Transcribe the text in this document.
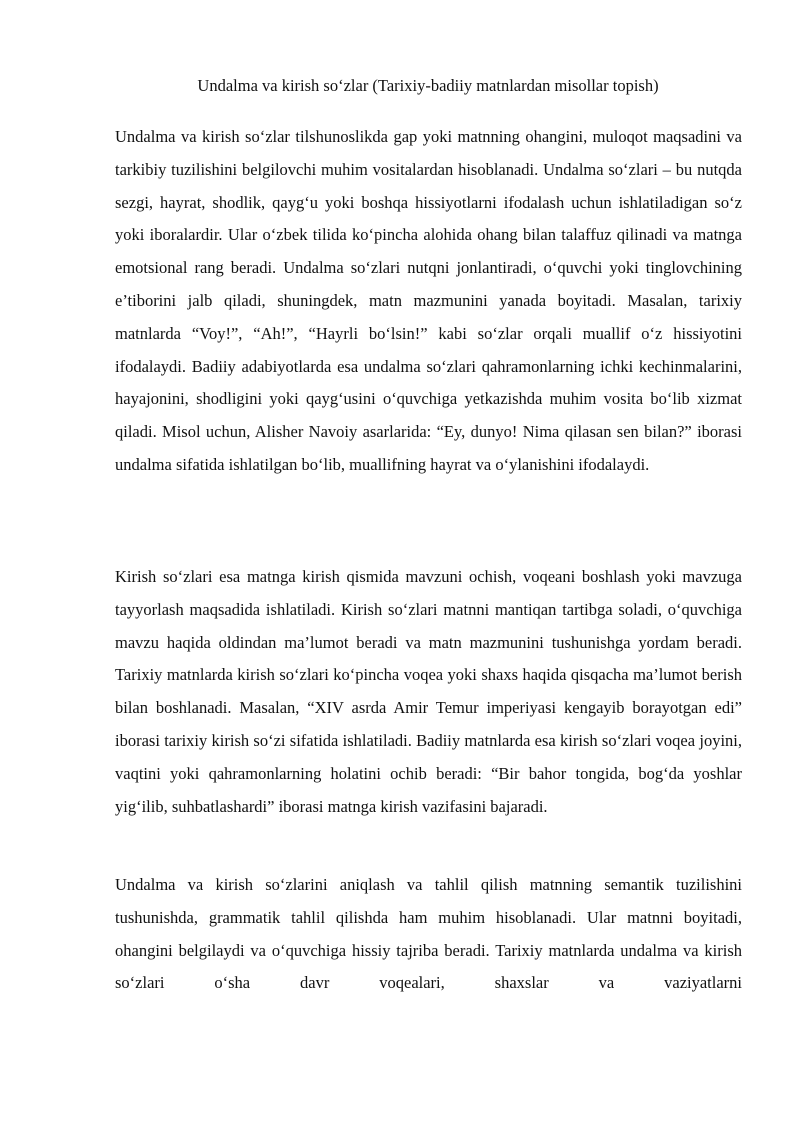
Undalma va kirish so‘zlar (Tarixiy-badiiy matnlardan misollar topish)

Undalma va kirish so‘zlar tilshunoslikda gap yoki matnning ohangini, muloqot maqsadini va tarkibiy tuzilishini belgilovchi muhim vositalardan hisoblanadi. Undalma so‘zlari – bu nutqda sezgi, hayrat, shodlik, qayg‘u yoki boshqa hissiyotlarni ifodalash uchun ishlatiladigan so‘z yoki iboralardir. Ular o‘zbek tilida ko‘pincha alohida ohang bilan talaffuz qilinadi va matnga emotsional rang beradi. Undalma so‘zlari nutqni jonlantiradi, o‘quvchi yoki tinglovchining e’tiborini jalb qiladi, shuningdek, matn mazmunini yanada boyitadi. Masalan, tarixiy matnlarda “Voy!”, “Ah!”, “Hayrli bo‘lsin!” kabi so‘zlar orqali muallif o‘z hissiyotini ifodalaydi. Badiiy adabiyotlarda esa undalma so‘zlari qahramonlarning ichki kechinmalarini, hayajonini, shodligini yoki qayg‘usini o‘quvchiga yetkazishda muhim vosita bo‘lib xizmat qiladi. Misol uchun, Alisher Navoiy asarlarida: “Ey, dunyo! Nima qilasan sen bilan?” iborasi undalma sifatida ishlatilgan bo‘lib, muallifning hayrat va o‘ylanishini ifodalaydi.

Kirish so‘zlari esa matnga kirish qismida mavzuni ochish, voqeani boshlash yoki mavzuga tayyorlash maqsadida ishlatiladi. Kirish so‘zlari matnni mantiqan tartibga soladi, o‘quvchiga mavzu haqida oldindan ma’lumot beradi va matn mazmunini tushunishga yordam beradi. Tarixiy matnlarda kirish so‘zlari ko‘pincha voqea yoki shaxs haqida qisqacha ma’lumot berish bilan boshlanadi. Masalan, “XIV asrda Amir Temur imperiyasi kengayib borayotgan edi” iborasi tarixiy kirish so‘zi sifatida ishlatiladi. Badiiy matnlarda esa kirish so‘zlari voqea joyini, vaqtini yoki qahramonlarning holatini ochib beradi: “Bir bahor tongida, bog‘da yoshlar yig‘ilib, suhbatlashardi” iborasi matnga kirish vazifasini bajaradi.

Undalma va kirish so‘zlarini aniqlash va tahlil qilish matnning semantik tuzilishini tushunishda, grammatik tahlil qilishda ham muhim hisoblanadi. Ular matnni boyitadi, ohangini belgilaydi va o‘quvchiga hissiy tajriba beradi. Tarixiy matnlarda undalma va kirish so‘zlari o‘sha davr voqealari, shaxslar va vaziyatlarni
